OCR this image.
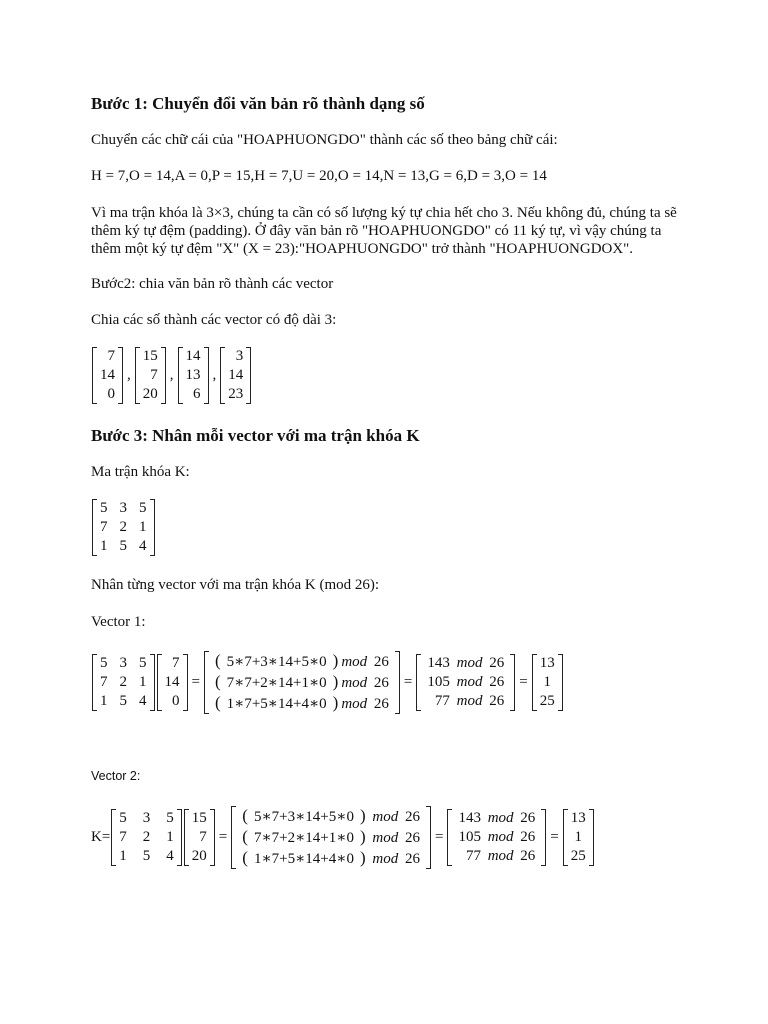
Bước 1: Chuyển đổi văn bản rõ thành dạng số
Chuyển các chữ cái của "HOAPHUONGDO" thành các số theo bảng chữ cái:
H = 7,O = 14,A = 0,P = 15,H = 7,U = 20,O = 14,N = 13,G = 6,D = 3,O = 14
Vì ma trận khóa là 3×3, chúng ta cần có số lượng ký tự chia hết cho 3. Nếu không đủ, chúng ta sẽ thêm ký tự đệm (padding). Ở đây văn bản rõ "HOAPHUONGDO" có 11 ký tự, vì vậy chúng ta thêm một ký tự đệm "X" (X = 23):"HOAPHUONGDO" trở thành "HOAPHUONGDOX".
Bước2: chia văn bản rõ thành các vector
Chia các số thành các vector có độ dài 3:
7
14
0
,
15
7
20
,
14
13
6
,
3
14
23
Bước 3: Nhân mỗi vector với ma trận khóa K
Ma trận khóa K:
5 3 5
7 2 1
1 5 4
Nhân từng vector với ma trận khóa K (mod 26):
Vector 1:
5 3 5
7 2 1
1 5 4
7
14
0
=
( 5∗7+3∗14+5∗0 ) mod 26
( 7∗7+2∗14+1∗0 ) mod 26
( 1∗7+5∗14+4∗0 ) mod 26
=
143 mod 26
105 mod 26
77 mod 26
=
13
1
25
Vector 2:
K=
5 3 5
7 2 1
1 5 4
15
7
20
=
( 5∗7+3∗14+5∗0 ) mod 26
( 7∗7+2∗14+1∗0 ) mod 26
( 1∗7+5∗14+4∗0 ) mod 26
=
143 mod 26
105 mod 26
77 mod 26
=
13
1
25
